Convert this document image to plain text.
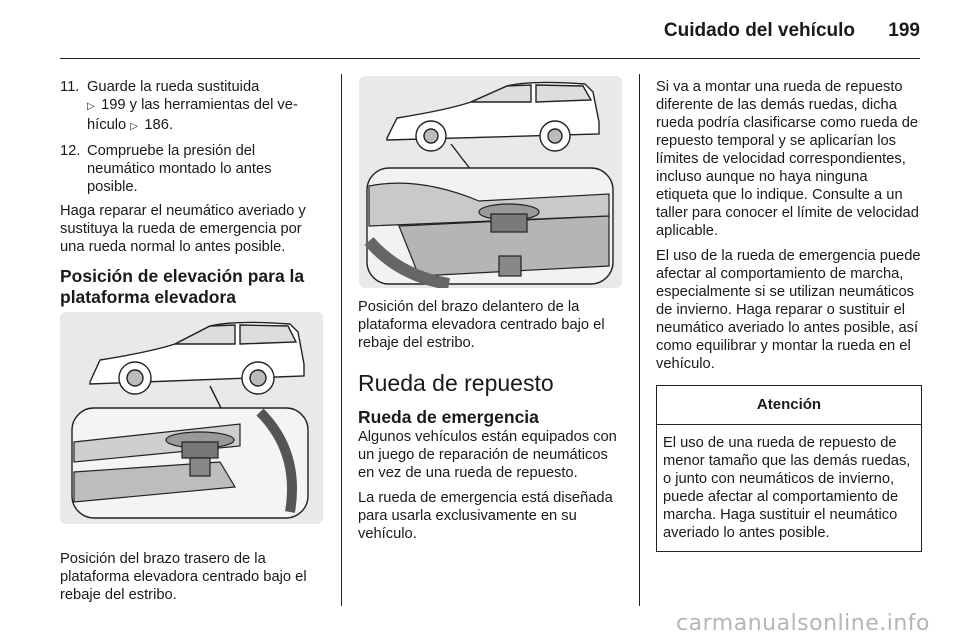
Cuidado del vehículo 199
11. Guarde la rueda sustituida
▷ 199 y las herramientas del ve-
hículo ▷ 186.
12. Compruebe la presión del neumático montado lo antes posible.

Haga reparar el neumático averiado y sustituya la rueda de emergencia por una rueda normal lo antes posible.

Posición de elevación para la plataforma elevadora

Posición del brazo trasero de la plataforma elevadora centrado bajo el rebaje del estribo.

Posición del brazo delantero de la plataforma elevadora centrado bajo el rebaje del estribo.

Rueda de repuesto
Rueda de emergencia

Algunos vehículos están equipados con un juego de reparación de neumáticos en vez de una rueda de repuesto.

La rueda de emergencia está diseñada para usarla exclusivamente en su vehículo.

Si va a montar una rueda de repuesto diferente de las demás ruedas, dicha rueda podría clasificarse como rueda de repuesto temporal y se aplicarían los límites de velocidad correspondientes, incluso aunque no haya ninguna etiqueta que lo indique. Consulte a un taller para conocer el límite de velocidad aplicable.

El uso de la rueda de emergencia puede afectar al comportamiento de marcha, especialmente si se utilizan neumáticos de invierno. Haga reparar o sustituir el neumático averiado lo antes posible, así como equilibrar y montar la rueda en el vehículo.

Atención
El uso de una rueda de repuesto de menor tamaño que las demás ruedas, o junto con neumáticos de invierno, puede afectar al comportamiento de marcha. Haga sustituir el neumático averiado lo antes posible.
carmanualsonline.info
